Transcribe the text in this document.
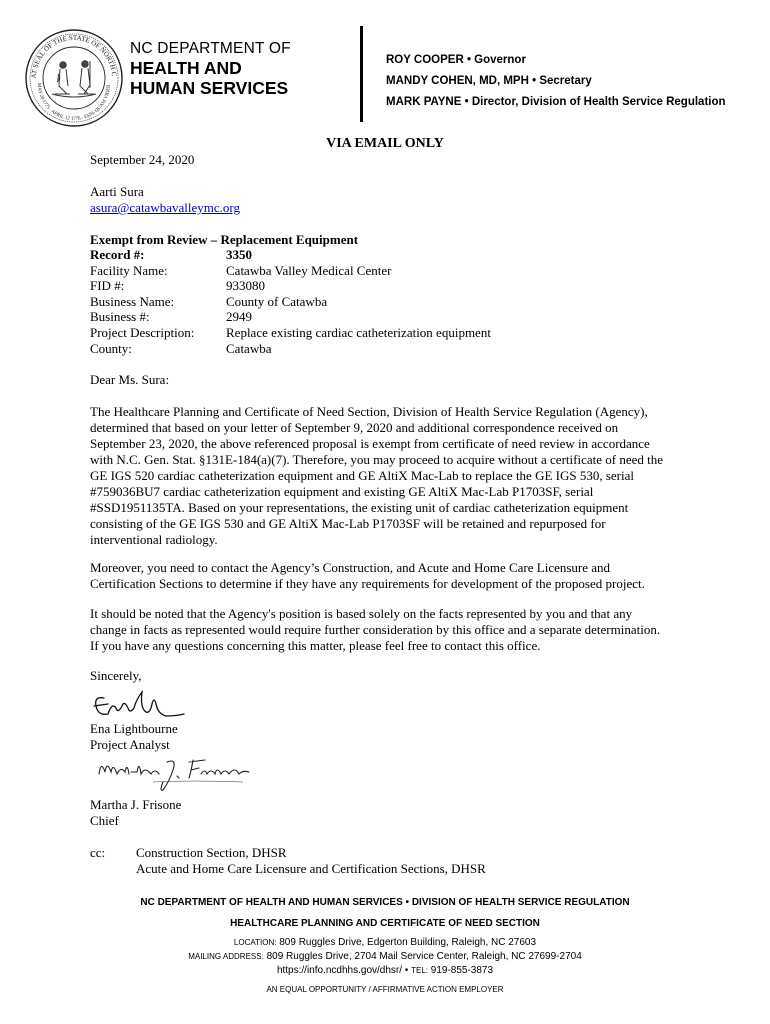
AT SEAL OF THE STATE OF NORTH C
MAY 20 1775 · APRIL 12 1776 · ESSE QUAM VIDER
NC DEPARTMENT OF
HEALTH AND
HUMAN SERVICES
ROY COOPER • Governor
MANDY COHEN, MD, MPH • Secretary
MARK PAYNE • Director, Division of Health Service Regulation
VIA EMAIL ONLY
September 24, 2020
Aarti Sura
asura@catawbavalleymc.org
Exempt from Review – Replacement Equipment
Record #:	3350
Facility Name:	Catawba Valley Medical Center
FID #:	933080
Business Name:	County of Catawba
Business #:	2949
Project Description: Replace existing cardiac catheterization equipment
County:	Catawba
Dear Ms. Sura:
The Healthcare Planning and Certificate of Need Section, Division of Health Service Regulation (Agency),
determined that based on your letter of September 9, 2020 and additional correspondence received on
September 23, 2020, the above referenced proposal is exempt from certificate of need review in accordance
with N.C. Gen. Stat. §131E-184(a)(7). Therefore, you may proceed to acquire without a certificate of need the
GE IGS 520 cardiac catheterization equipment and GE AltiX Mac-Lab to replace the GE IGS 530, serial
#759036BU7 cardiac catheterization equipment and existing GE AltiX Mac-Lab P1703SF, serial
#SSD1951135TA. Based on your representations, the existing unit of cardiac catheterization equipment
consisting of the GE IGS 530 and GE AltiX Mac-Lab P1703SF will be retained and repurposed for
interventional radiology.
Moreover, you need to contact the Agency’s Construction, and Acute and Home Care Licensure and
Certification Sections to determine if they have any requirements for development of the proposed project.
It should be noted that the Agency's position is based solely on the facts represented by you and that any
change in facts as represented would require further consideration by this office and a separate determination.
If you have any questions concerning this matter, please feel free to contact this office.
Sincerely,
Ena Lightbourne
Project Analyst
Martha J. Frisone
Chief
cc: Construction Section, DHSR
Acute and Home Care Licensure and Certification Sections, DHSR
NC DEPARTMENT OF HEALTH AND HUMAN SERVICES • DIVISION OF HEALTH SERVICE REGULATION
HEALTHCARE PLANNING AND CERTIFICATE OF NEED SECTION
LOCATION: 809 Ruggles Drive, Edgerton Building, Raleigh, NC 27603
MAILING ADDRESS: 809 Ruggles Drive, 2704 Mail Service Center, Raleigh, NC 27699-2704
https://info.ncdhhs.gov/dhsr/ • TEL: 919-855-3873
AN EQUAL OPPORTUNITY / AFFIRMATIVE ACTION EMPLOYER
